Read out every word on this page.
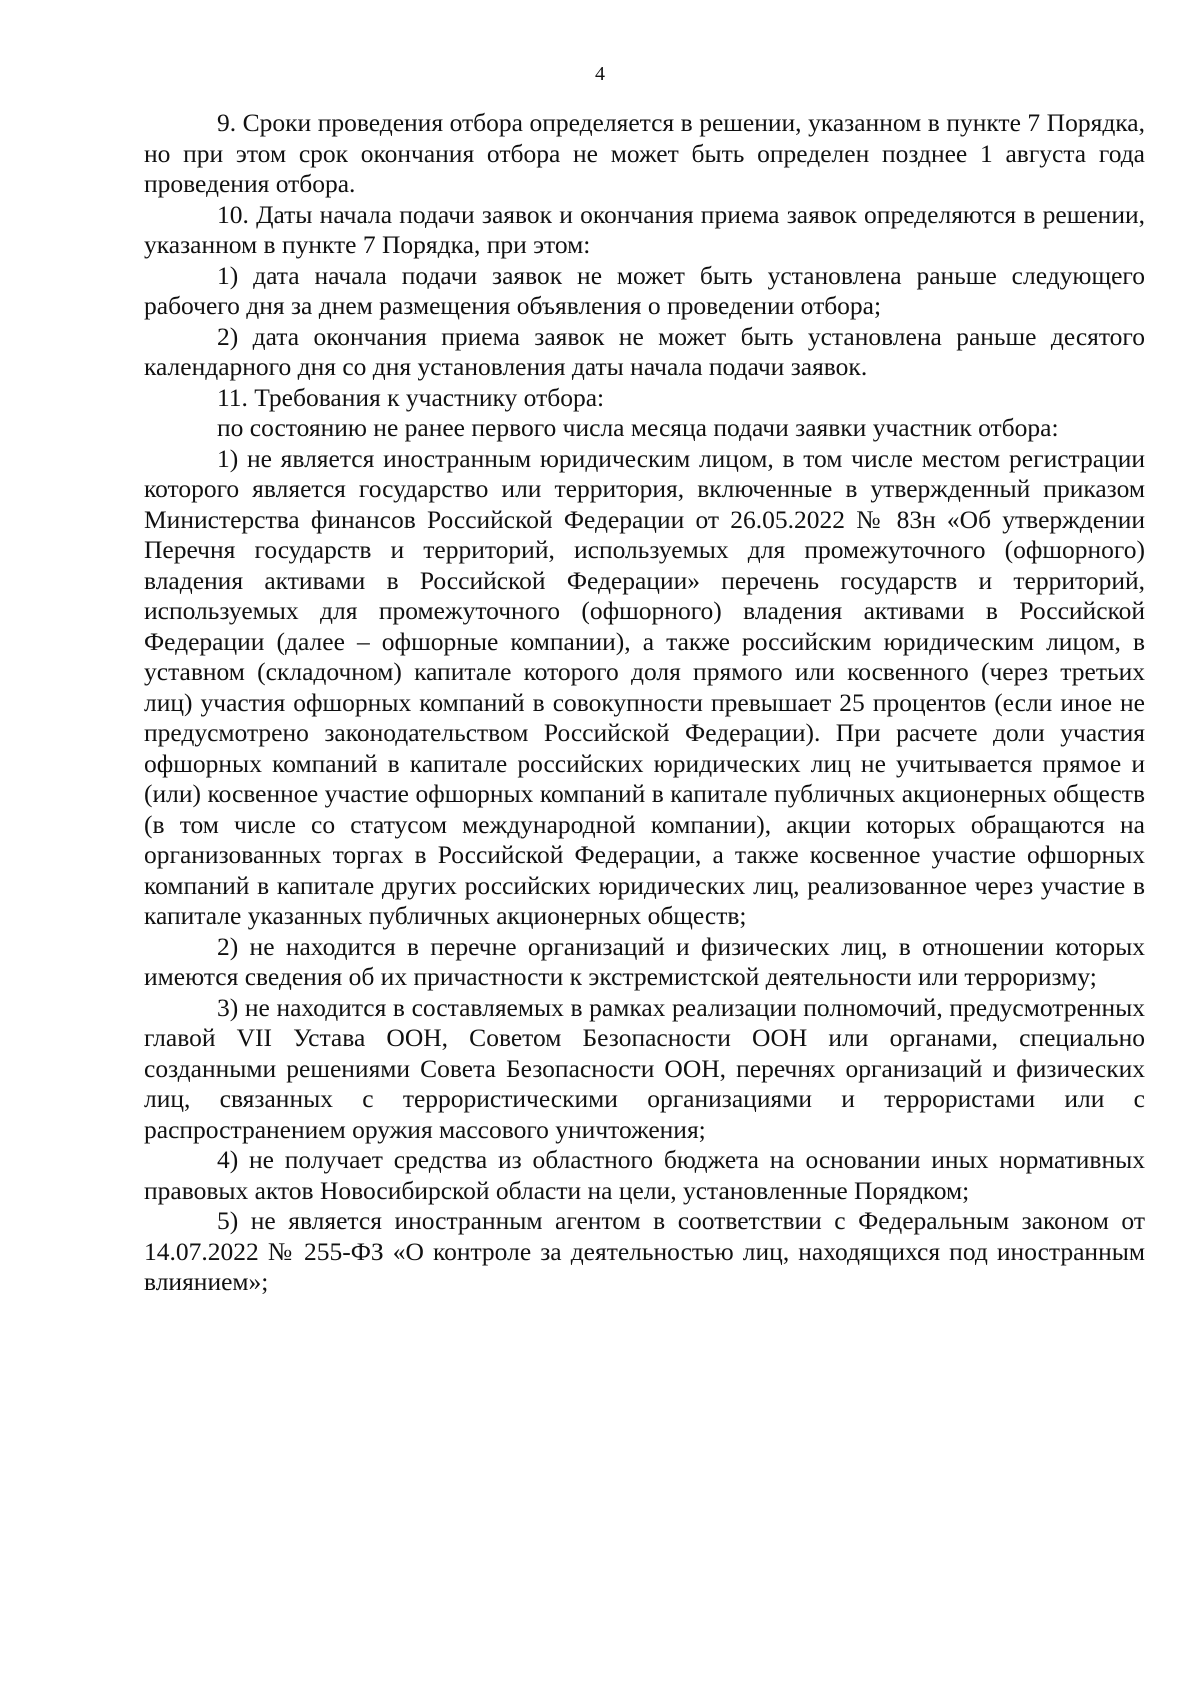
4

9. Сроки проведения отбора определяется в решении, указанном в пункте 7 Порядка, но при этом срок окончания отбора не может быть определен позднее 1 августа года проведения отбора.

10. Даты начала подачи заявок и окончания приема заявок определяются в решении, указанном в пункте 7 Порядка, при этом:

1) дата начала подачи заявок не может быть установлена раньше следующего рабочего дня за днем размещения объявления о проведении отбора;

2) дата окончания приема заявок не может быть установлена раньше десятого календарного дня со дня установления даты начала подачи заявок.

11. Требования к участнику отбора:

по состоянию не ранее первого числа месяца подачи заявки участник отбора:

1) не является иностранным юридическим лицом, в том числе местом регистрации которого является государство или территория, включенные в утвержденный приказом Министерства финансов Российской Федерации от 26.05.2022 № 83н «Об утверждении Перечня государств и территорий, используемых для промежуточного (офшорного) владения активами в Российской Федерации» перечень государств и территорий, используемых для промежуточного (офшорного) владения активами в Российской Федерации (далее – офшорные компании), а также российским юридическим лицом, в уставном (складочном) капитале которого доля прямого или косвенного (через третьих лиц) участия офшорных компаний в совокупности превышает 25 процентов (если иное не предусмотрено законодательством Российской Федерации). При расчете доли участия офшорных компаний в капитале российских юридических лиц не учитывается прямое и (или) косвенное участие офшорных компаний в капитале публичных акционерных обществ (в том числе со статусом международной компании), акции которых обращаются на организованных торгах в Российской Федерации, а также косвенное участие офшорных компаний в капитале других российских юридических лиц, реализованное через участие в капитале указанных публичных акционерных обществ;

2) не находится в перечне организаций и физических лиц, в отношении которых имеются сведения об их причастности к экстремистской деятельности или терроризму;

3) не находится в составляемых в рамках реализации полномочий, предусмотренных главой VII Устава ООН, Советом Безопасности ООН или органами, специально созданными решениями Совета Безопасности ООН, перечнях организаций и физических лиц, связанных с террористическими организациями и террористами или с распространением оружия массового уничтожения;

4) не получает средства из областного бюджета на основании иных нормативных правовых актов Новосибирской области на цели, установленные Порядком;

5) не является иностранным агентом в соответствии с Федеральным законом от 14.07.2022 № 255-ФЗ «О контроле за деятельностью лиц, находящихся под иностранным влиянием»;
